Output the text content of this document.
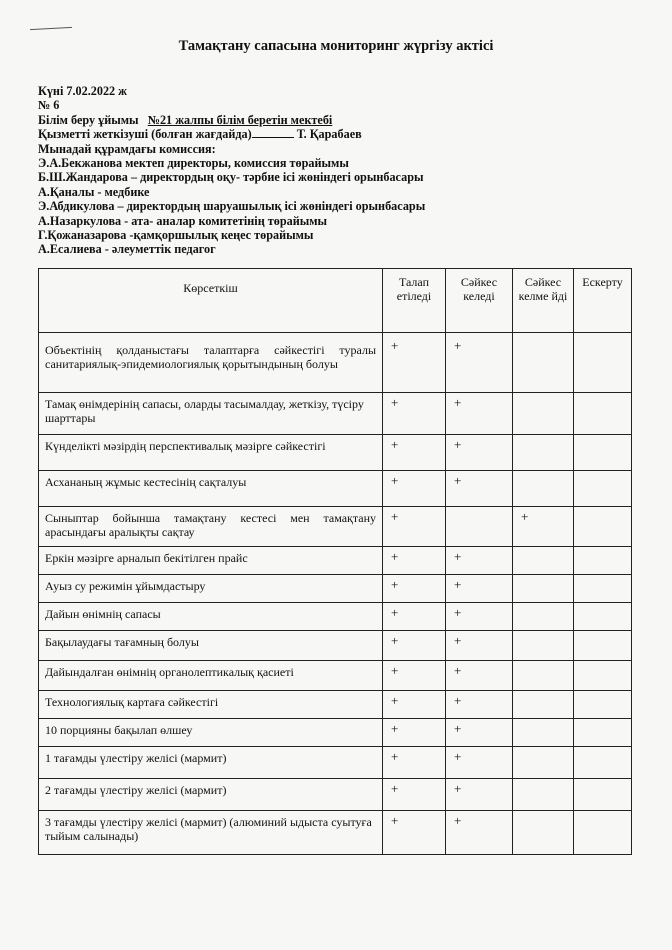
Тамақтану сапасына мониторинг жүргізу актісі
Күні 7.02.2022 ж
№ 6
Білім беру ұйымы №21 жалпы білім беретін мектебі
Қызметті жеткізуші (болған жағдайда)	Т. Қарабаев
Мынадай құрамдағы комиссия:
Э.А.Бекжанова мектеп директоры, комиссия төрайымы
Б.Ш.Жандарова – директордың оқу- тәрбие ісі жөніндегі орынбасары
А.Қаналы - медбике
Э.Абдикулова – директордың шаруашылық ісі жөніндегі орынбасары
А.Назаркулова - ата- аналар комитетінің төрайымы
Г.Қожаназарова -қамқоршылық кеңес төрайымы
А.Есалиева - әлеуметтік педагог
Көрсеткіш	Талап етіледі	Сәйкес келеді	Сәйкес келме йді	Ескерту
Объектінің қолданыстағы талаптарға сәйкестігі туралы санитариялық-эпидемиологиялық қорытындының болуы	+	+		
Тамақ өнімдерінің сапасы, оларды тасымалдау, жеткізу, түсіру шарттары	+	+		
Күнделікті мәзірдің перспективалық мәзірге сәйкестігі	+	+		
Асхананың жұмыс кестесінің сақталуы	+	+		
Сыныптар бойынша тамақтану кестесі мен тамақтану арасындағы аралықты сақтау	+		+	
Еркін мәзірге арналып бекітілген прайс	+	+		
Ауыз су режимін ұйымдастыру	+	+		
Дайын өнімнің сапасы	+	+		
Бақылаудағы тағамның болуы	+	+		
Дайындалған өнімнің органолептикалық қасиеті	+	+		
Технологиялық картаға сәйкестігі	+	+		
10 порцияны бақылап өлшеу	+	+		
1 тағамды үлестіру желісі (мармит)	+	+		
2 тағамды үлестіру желісі (мармит)	+	+		
3 тағамды үлестіру желісі (мармит) (алюминий ыдыста суытуға тыйым салынады)	+	+		
